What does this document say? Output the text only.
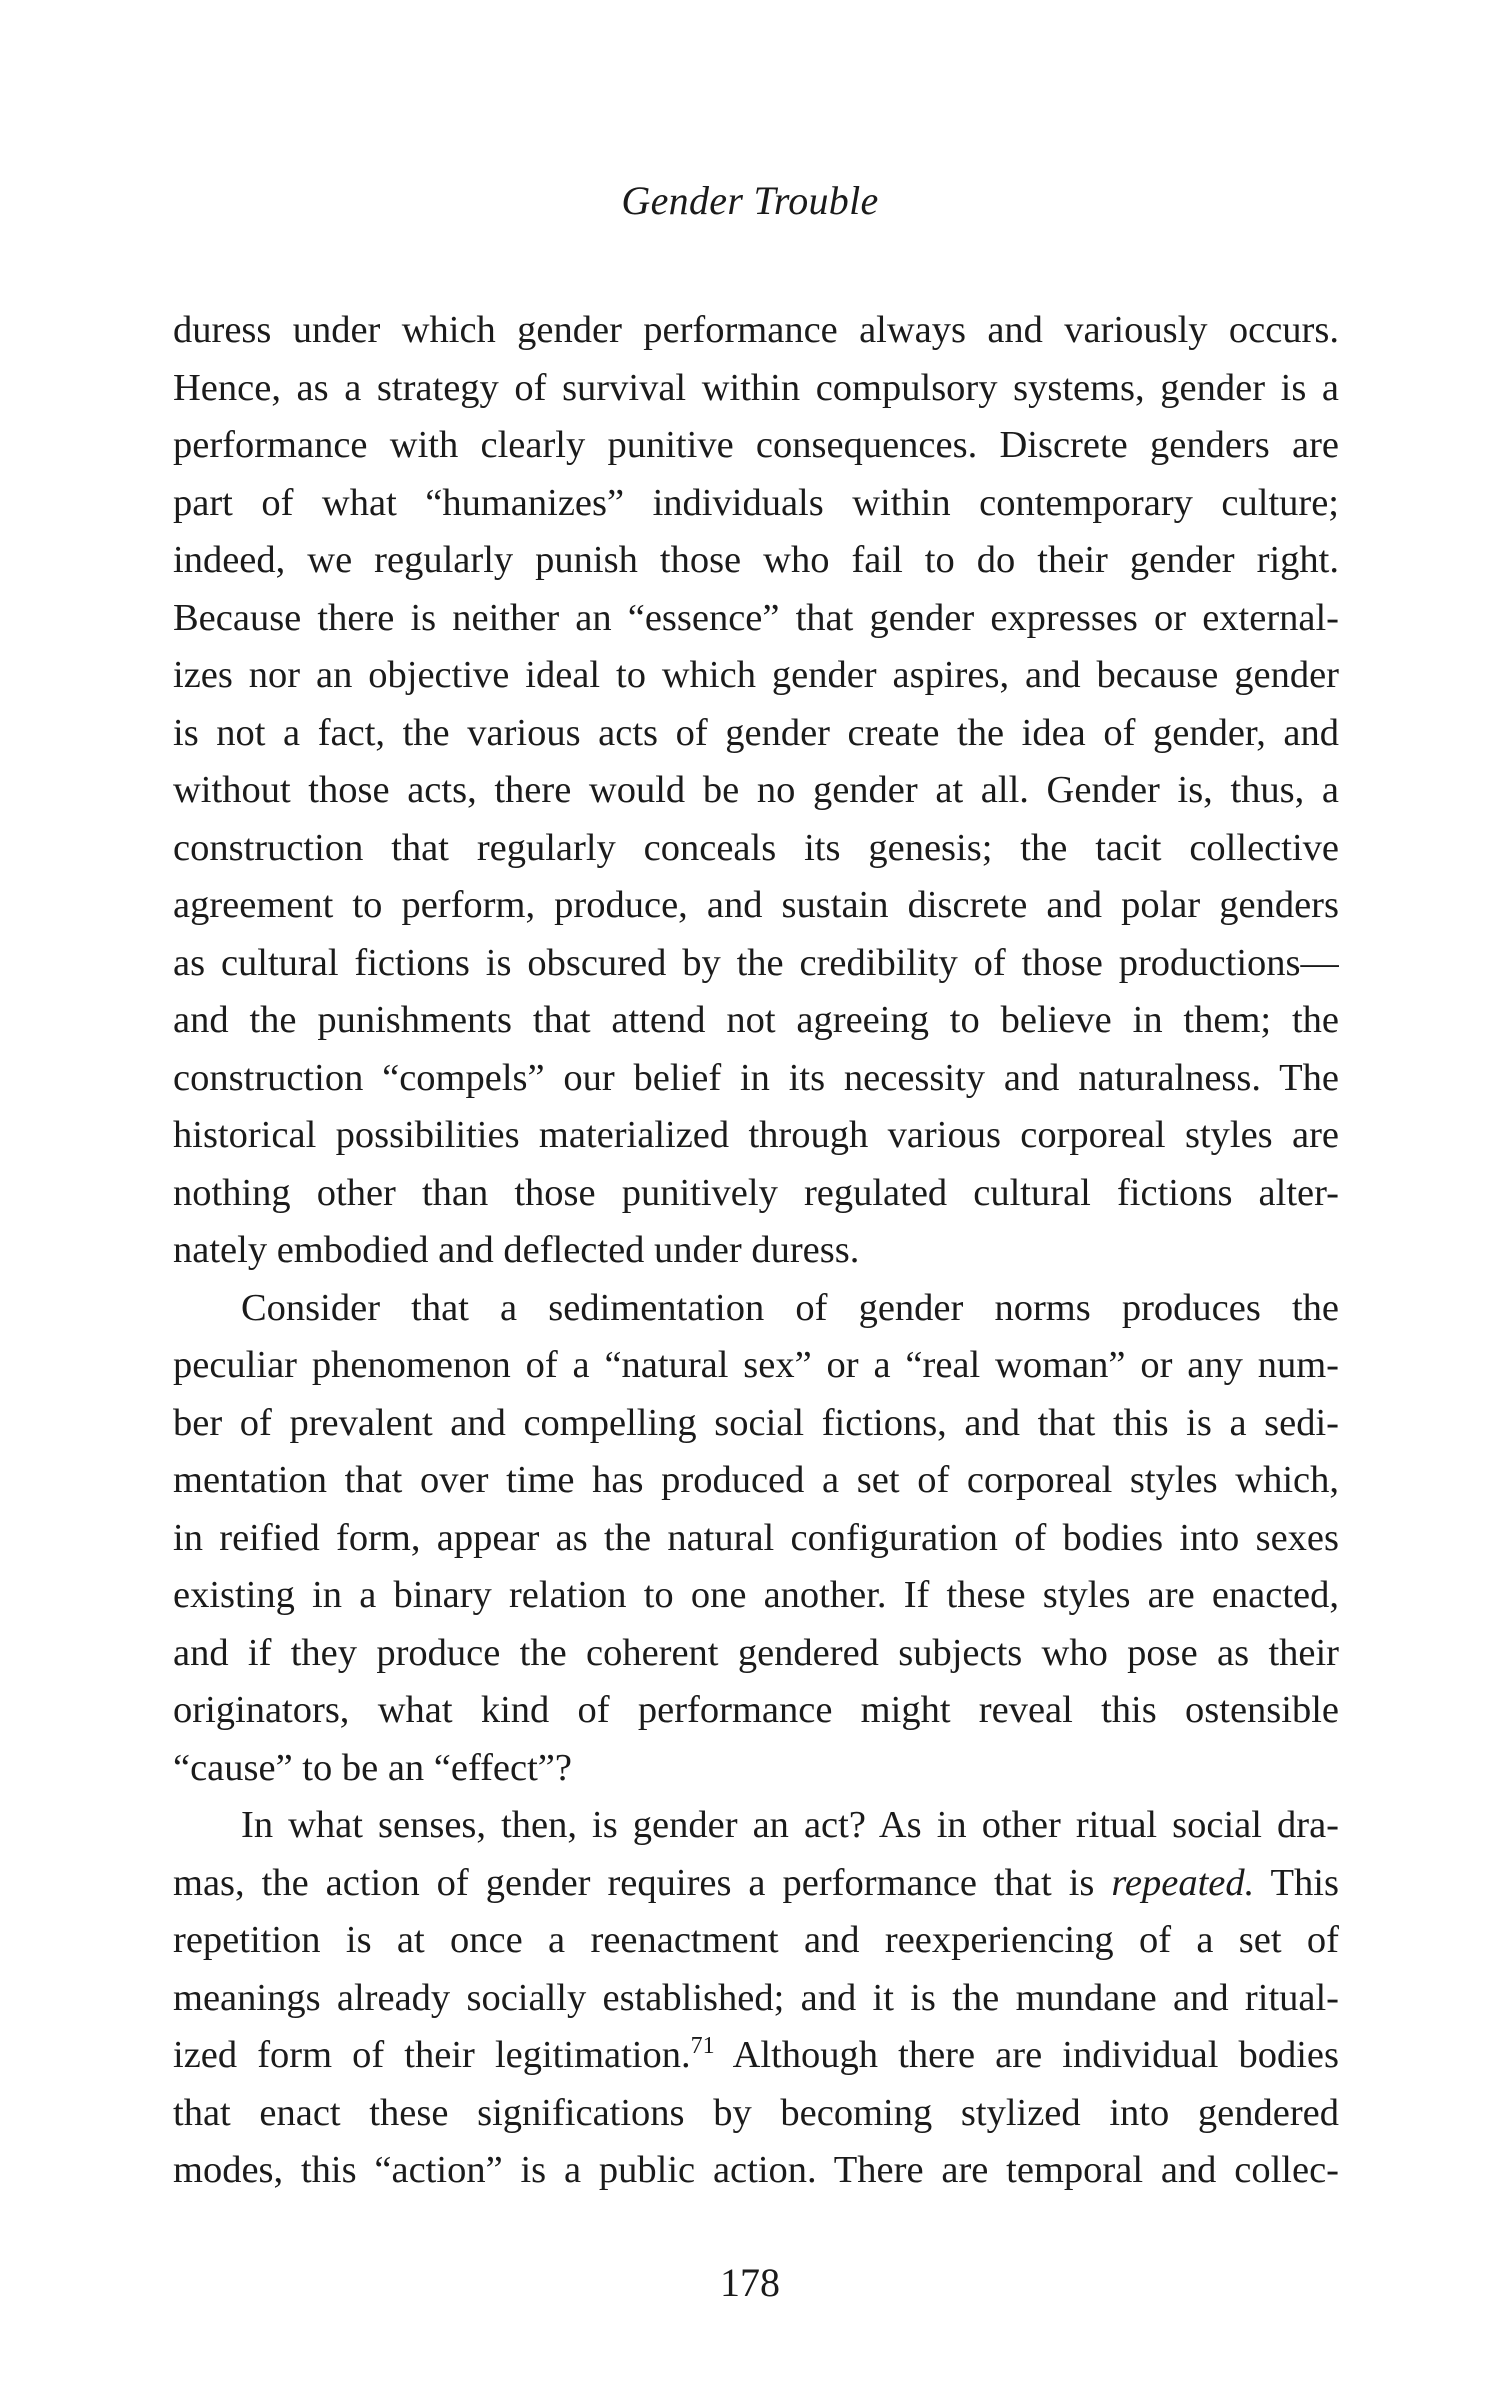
Gender Trouble
duress under which gender performance always and variously occurs.
Hence, as a strategy of survival within compulsory systems, gender is a
performance with clearly punitive consequences. Discrete genders are
part of what “humanizes” individuals within contemporary culture;
indeed, we regularly punish those who fail to do their gender right.
Because there is neither an “essence” that gender expresses or external-
izes nor an objective ideal to which gender aspires, and because gender
is not a fact, the various acts of gender create the idea of gender, and
without those acts, there would be no gender at all. Gender is, thus, a
construction that regularly conceals its genesis; the tacit collective
agreement to perform, produce, and sustain discrete and polar genders
as cultural fictions is obscured by the credibility of those productions—
and the punishments that attend not agreeing to believe in them; the
construction “compels” our belief in its necessity and naturalness. The
historical possibilities materialized through various corporeal styles are
nothing other than those punitively regulated cultural fictions alter-
nately embodied and deflected under duress.
Consider that a sedimentation of gender norms produces the
peculiar phenomenon of a “natural sex” or a “real woman” or any num-
ber of prevalent and compelling social fictions, and that this is a sedi-
mentation that over time has produced a set of corporeal styles which,
in reified form, appear as the natural configuration of bodies into sexes
existing in a binary relation to one another. If these styles are enacted,
and if they produce the coherent gendered subjects who pose as their
originators, what kind of performance might reveal this ostensible
“cause” to be an “effect”?
In what senses, then, is gender an act? As in other ritual social dra-
mas, the action of gender requires a performance that is repeated. This
repetition is at once a reenactment and reexperiencing of a set of
meanings already socially established; and it is the mundane and ritual-
ized form of their legitimation.$^{71}$ Although there are individual bodies
that enact these significations by becoming stylized into gendered
modes, this “action” is a public action. There are temporal and collec-
178
